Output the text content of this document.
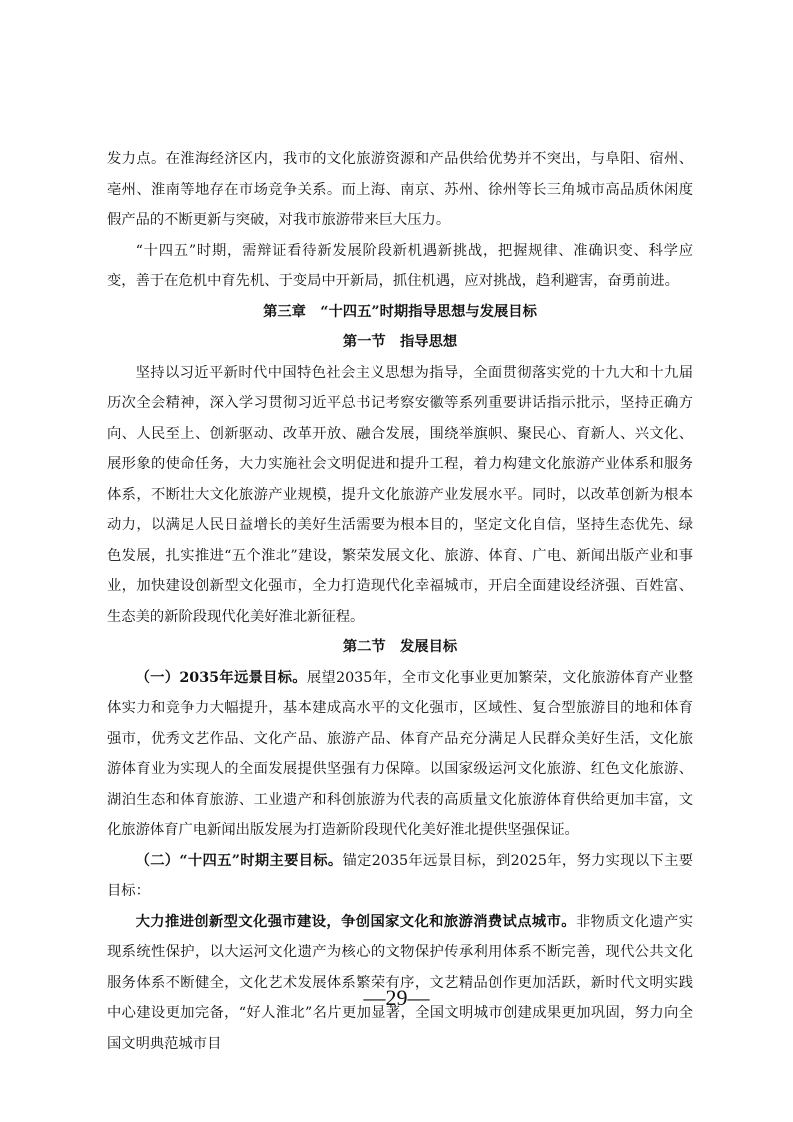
发力点。在淮海经济区内，我市的文化旅游资源和产品供给优势并不突出，与阜阳、宿州、亳州、淮南等地存在市场竞争关系。而上海、南京、苏州、徐州等长三角城市高品质休闲度假产品的不断更新与突破，对我市旅游带来巨大压力。

“十四五”时期，需辩证看待新发展阶段新机遇新挑战，把握规律、准确识变、科学应变，善于在危机中育先机、于变局中开新局，抓住机遇，应对挑战，趋利避害，奋勇前进。

第三章　“十四五”时期指导思想与发展目标

第一节　指导思想

坚持以习近平新时代中国特色社会主义思想为指导，全面贯彻落实党的十九大和十九届历次全会精神，深入学习贯彻习近平总书记考察安徽等系列重要讲话指示批示，坚持正确方向、人民至上、创新驱动、改革开放、融合发展，围绕举旗帜、聚民心、育新人、兴文化、展形象的使命任务，大力实施社会文明促进和提升工程，着力构建文化旅游产业体系和服务体系，不断壮大文化旅游产业规模，提升文化旅游产业发展水平。同时，以改革创新为根本动力，以满足人民日益增长的美好生活需要为根本目的，坚定文化自信，坚持生态优先、绿色发展，扎实推进“五个淮北”建设，繁荣发展文化、旅游、体育、广电、新闻出版产业和事业，加快建设创新型文化强市，全力打造现代化幸福城市，开启全面建设经济强、百姓富、生态美的新阶段现代化美好淮北新征程。

第二节　发展目标

（一）2035年远景目标。展望2035年，全市文化事业更加繁荣，文化旅游体育产业整体实力和竞争力大幅提升，基本建成高水平的文化强市，区域性、复合型旅游目的地和体育强市，优秀文艺作品、文化产品、旅游产品、体育产品充分满足人民群众美好生活，文化旅游体育业为实现人的全面发展提供坚强有力保障。以国家级运河文化旅游、红色文化旅游、湖泊生态和体育旅游、工业遗产和科创旅游为代表的高质量文化旅游体育供给更加丰富，文化旅游体育广电新闻出版发展为打造新阶段现代化美好淮北提供坚强保证。

（二）“十四五”时期主要目标。锚定2035年远景目标，到2025年，努力实现以下主要目标：

大力推进创新型文化强市建设，争创国家文化和旅游消费试点城市。非物质文化遗产实现系统性保护，以大运河文化遗产为核心的文物保护传承利用体系不断完善，现代公共文化服务体系不断健全，文化艺术发展体系繁荣有序，文艺精品创作更加活跃，新时代文明实践中心建设更加完备，“好人淮北”名片更加显著，全国文明城市创建成果更加巩固，努力向全国文明典范城市目

—29—
